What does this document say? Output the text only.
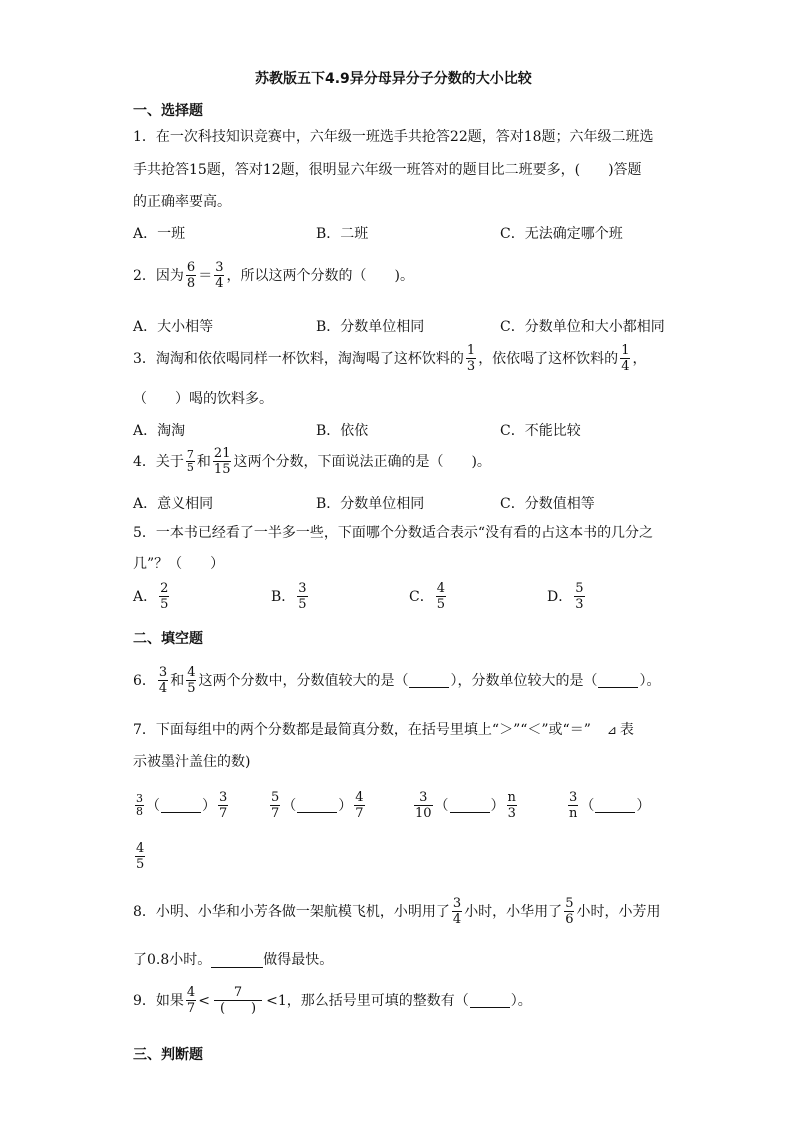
苏教版五下4.9异分母异分子分数的大小比较
一、选择题
1．在一次科技知识竞赛中，六年级一班选手共抢答22题，答对18题；六年级二班选
手共抢答15题，答对12题，很明显六年级一班答对的题目比二班要多，(　　)答题
的正确率要高。
A．一班	B．二班	C．无法确定哪个班
2．因为 $\frac{6}{8} = \frac{3}{4}$ ，所以这两个分数的（　　)。
A．大小相等	B．分数单位相同	C．分数单位和大小都相同
3．淘淘和依依喝同样一杯饮料，淘淘喝了这杯饮料的 $\frac{1}{3}$ ，依依喝了这杯饮料的 $\frac{1}{4}$ ，
（　　）喝的饮料多。
A．淘淘	B．依依	C．不能比较
4．关于 $\frac{7}{5}$ 和 $\frac{21}{15}$ 这两个分数，下面说法正确的是（　　)。
A．意义相同	B．分数单位相同	C．分数值相等
5．一本书已经看了一半多一些，下面哪个分数适合表示“没有看的占这本书的几分之
几”？（　　）
A． $\frac{2}{5}$	B． $\frac{3}{5}$	C． $\frac{4}{5}$	D． $\frac{5}{3}$
二、填空题
6． $\frac{3}{4}$ 和 $\frac{4}{5}$ 这两个分数中，分数值较大的是（	），分数单位较大的是（	）。
7．下面每组中的两个分数都是最简真分数，在括号里填上“＞”“＜”或“＝” ⊿ 表
示被墨汁盖住的数)
$\frac{3}{8}$ （	） $\frac{3}{7}$	$\frac{5}{7}$ （	） $\frac{4}{7}$	$\frac{3}{10}$ （	） $\frac{n}{3}$	$\frac{3}{n}$ （	）
$\frac{4}{5}$
8．小明、小华和小芳各做一架航模飞机，小明用了 $\frac{3}{4}$ 小时，小华用了 $\frac{5}{6}$ 小时，小芳用
了0.8小时。	做得最快。
9．如果 $\frac{4}{7} < \frac{7}{( )} <1$ ，那么括号里可填的整数有（	）。
三、判断题
